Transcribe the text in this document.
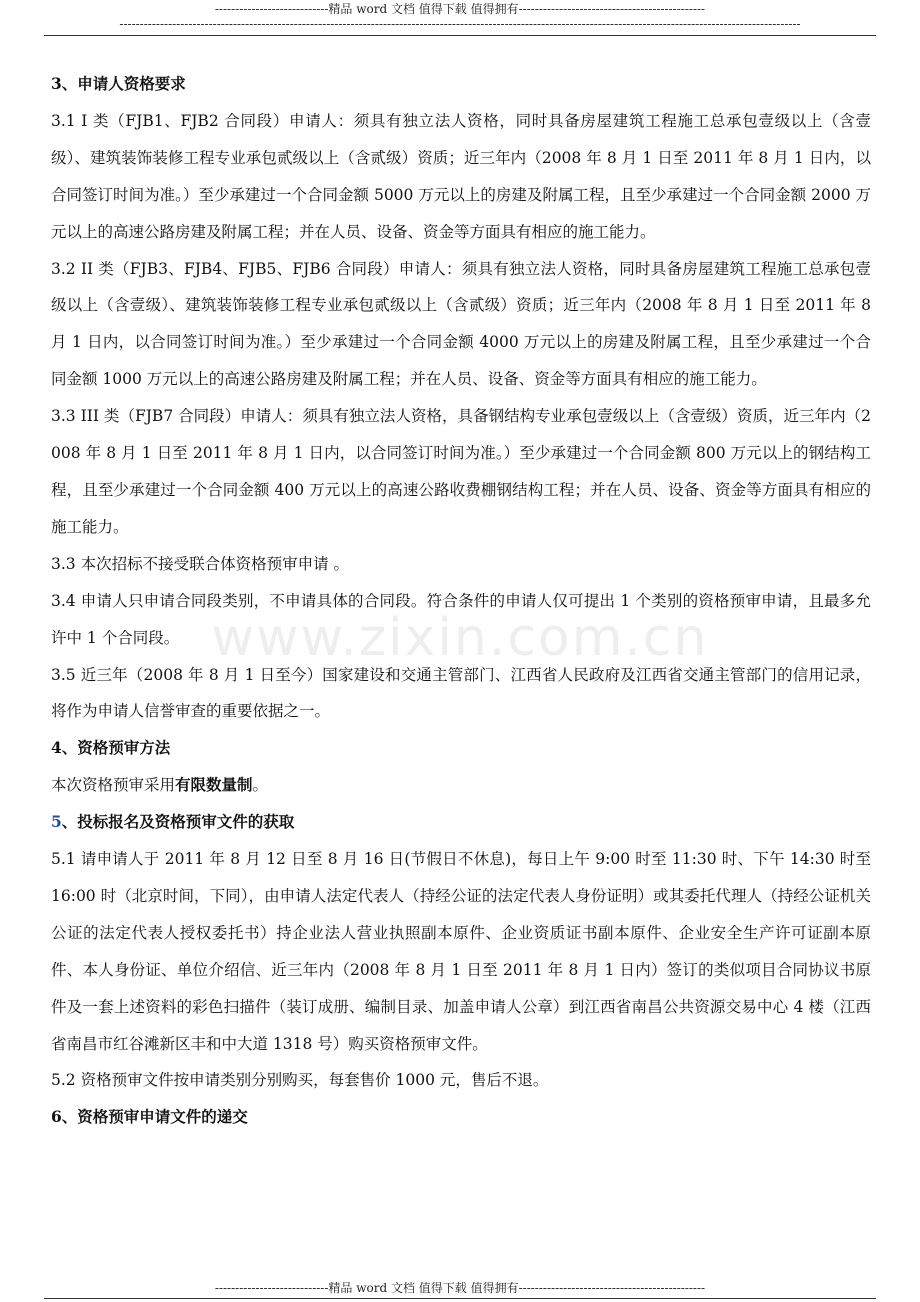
----------------------------精品 word 文档 值得下载 值得拥有----------------------------------------------
------------------------------------------------------------------------------------------------------------------------------------------------------------------------
www.zixin.com.cn

3、申请人资格要求

3.1 I 类（FJB1、FJB2 合同段）申请人：须具有独立法人资格，同时具备房屋建筑工程施工总承包壹级以上（含壹级）、建筑装饰装修工程专业承包贰级以上（含贰级）资质；近三年内（2008 年 8 月 1 日至 2011 年 8 月 1 日内，以合同签订时间为准。）至少承建过一个合同金额 5000 万元以上的房建及附属工程，且至少承建过一个合同金额 2000 万元以上的高速公路房建及附属工程；并在人员、设备、资金等方面具有相应的施工能力。

3.2 II 类（FJB3、FJB4、FJB5、FJB6 合同段）申请人：须具有独立法人资格，同时具备房屋建筑工程施工总承包壹级以上（含壹级）、建筑装饰装修工程专业承包贰级以上（含贰级）资质；近三年内（2008 年 8 月 1 日至 2011 年 8 月 1 日内，以合同签订时间为准。）至少承建过一个合同金额 4000 万元以上的房建及附属工程，且至少承建过一个合同金额 1000 万元以上的高速公路房建及附属工程；并在人员、设备、资金等方面具有相应的施工能力。

3.3 III 类（FJB7 合同段）申请人：须具有独立法人资格，具备钢结构专业承包壹级以上（含壹级）资质，近三年内（2008 年 8 月 1 日至 2011 年 8 月 1 日内，以合同签订时间为准。）至少承建过一个合同金额 800 万元以上的钢结构工程，且至少承建过一个合同金额 400 万元以上的高速公路收费棚钢结构工程；并在人员、设备、资金等方面具有相应的施工能力。

3.3 本次招标不接受联合体资格预审申请 。

3.4 申请人只申请合同段类别，不申请具体的合同段。符合条件的申请人仅可提出 1 个类别的资格预审申请，且最多允许中 1 个合同段。

3.5 近三年（2008 年 8 月 1 日至今）国家建设和交通主管部门、江西省人民政府及江西省交通主管部门的信用记录，将作为申请人信誉审查的重要依据之一。

4、资格预审方法

本次资格预审采用有限数量制。

5、投标报名及资格预审文件的获取

5.1 请申请人于 2011 年 8 月 12 日至 8 月 16 日(节假日不休息)，每日上午 9:00 时至 11:30 时、下午 14:30 时至 16:00 时（北京时间，下同），由申请人法定代表人（持经公证的法定代表人身份证明）或其委托代理人（持经公证机关公证的法定代表人授权委托书）持企业法人营业执照副本原件、企业资质证书副本原件、企业安全生产许可证副本原件、本人身份证、单位介绍信、近三年内（2008 年 8 月 1 日至 2011 年 8 月 1 日内）签订的类似项目合同协议书原件及一套上述资料的彩色扫描件（装订成册、编制目录、加盖申请人公章）到江西省南昌公共资源交易中心 4 楼（江西省南昌市红谷滩新区丰和中大道 1318 号）购买资格预审文件。

5.2 资格预审文件按申请类别分别购买，每套售价 1000 元，售后不退。

6、资格预审申请文件的递交

----------------------------精品 word 文档 值得下载 值得拥有----------------------------------------------
